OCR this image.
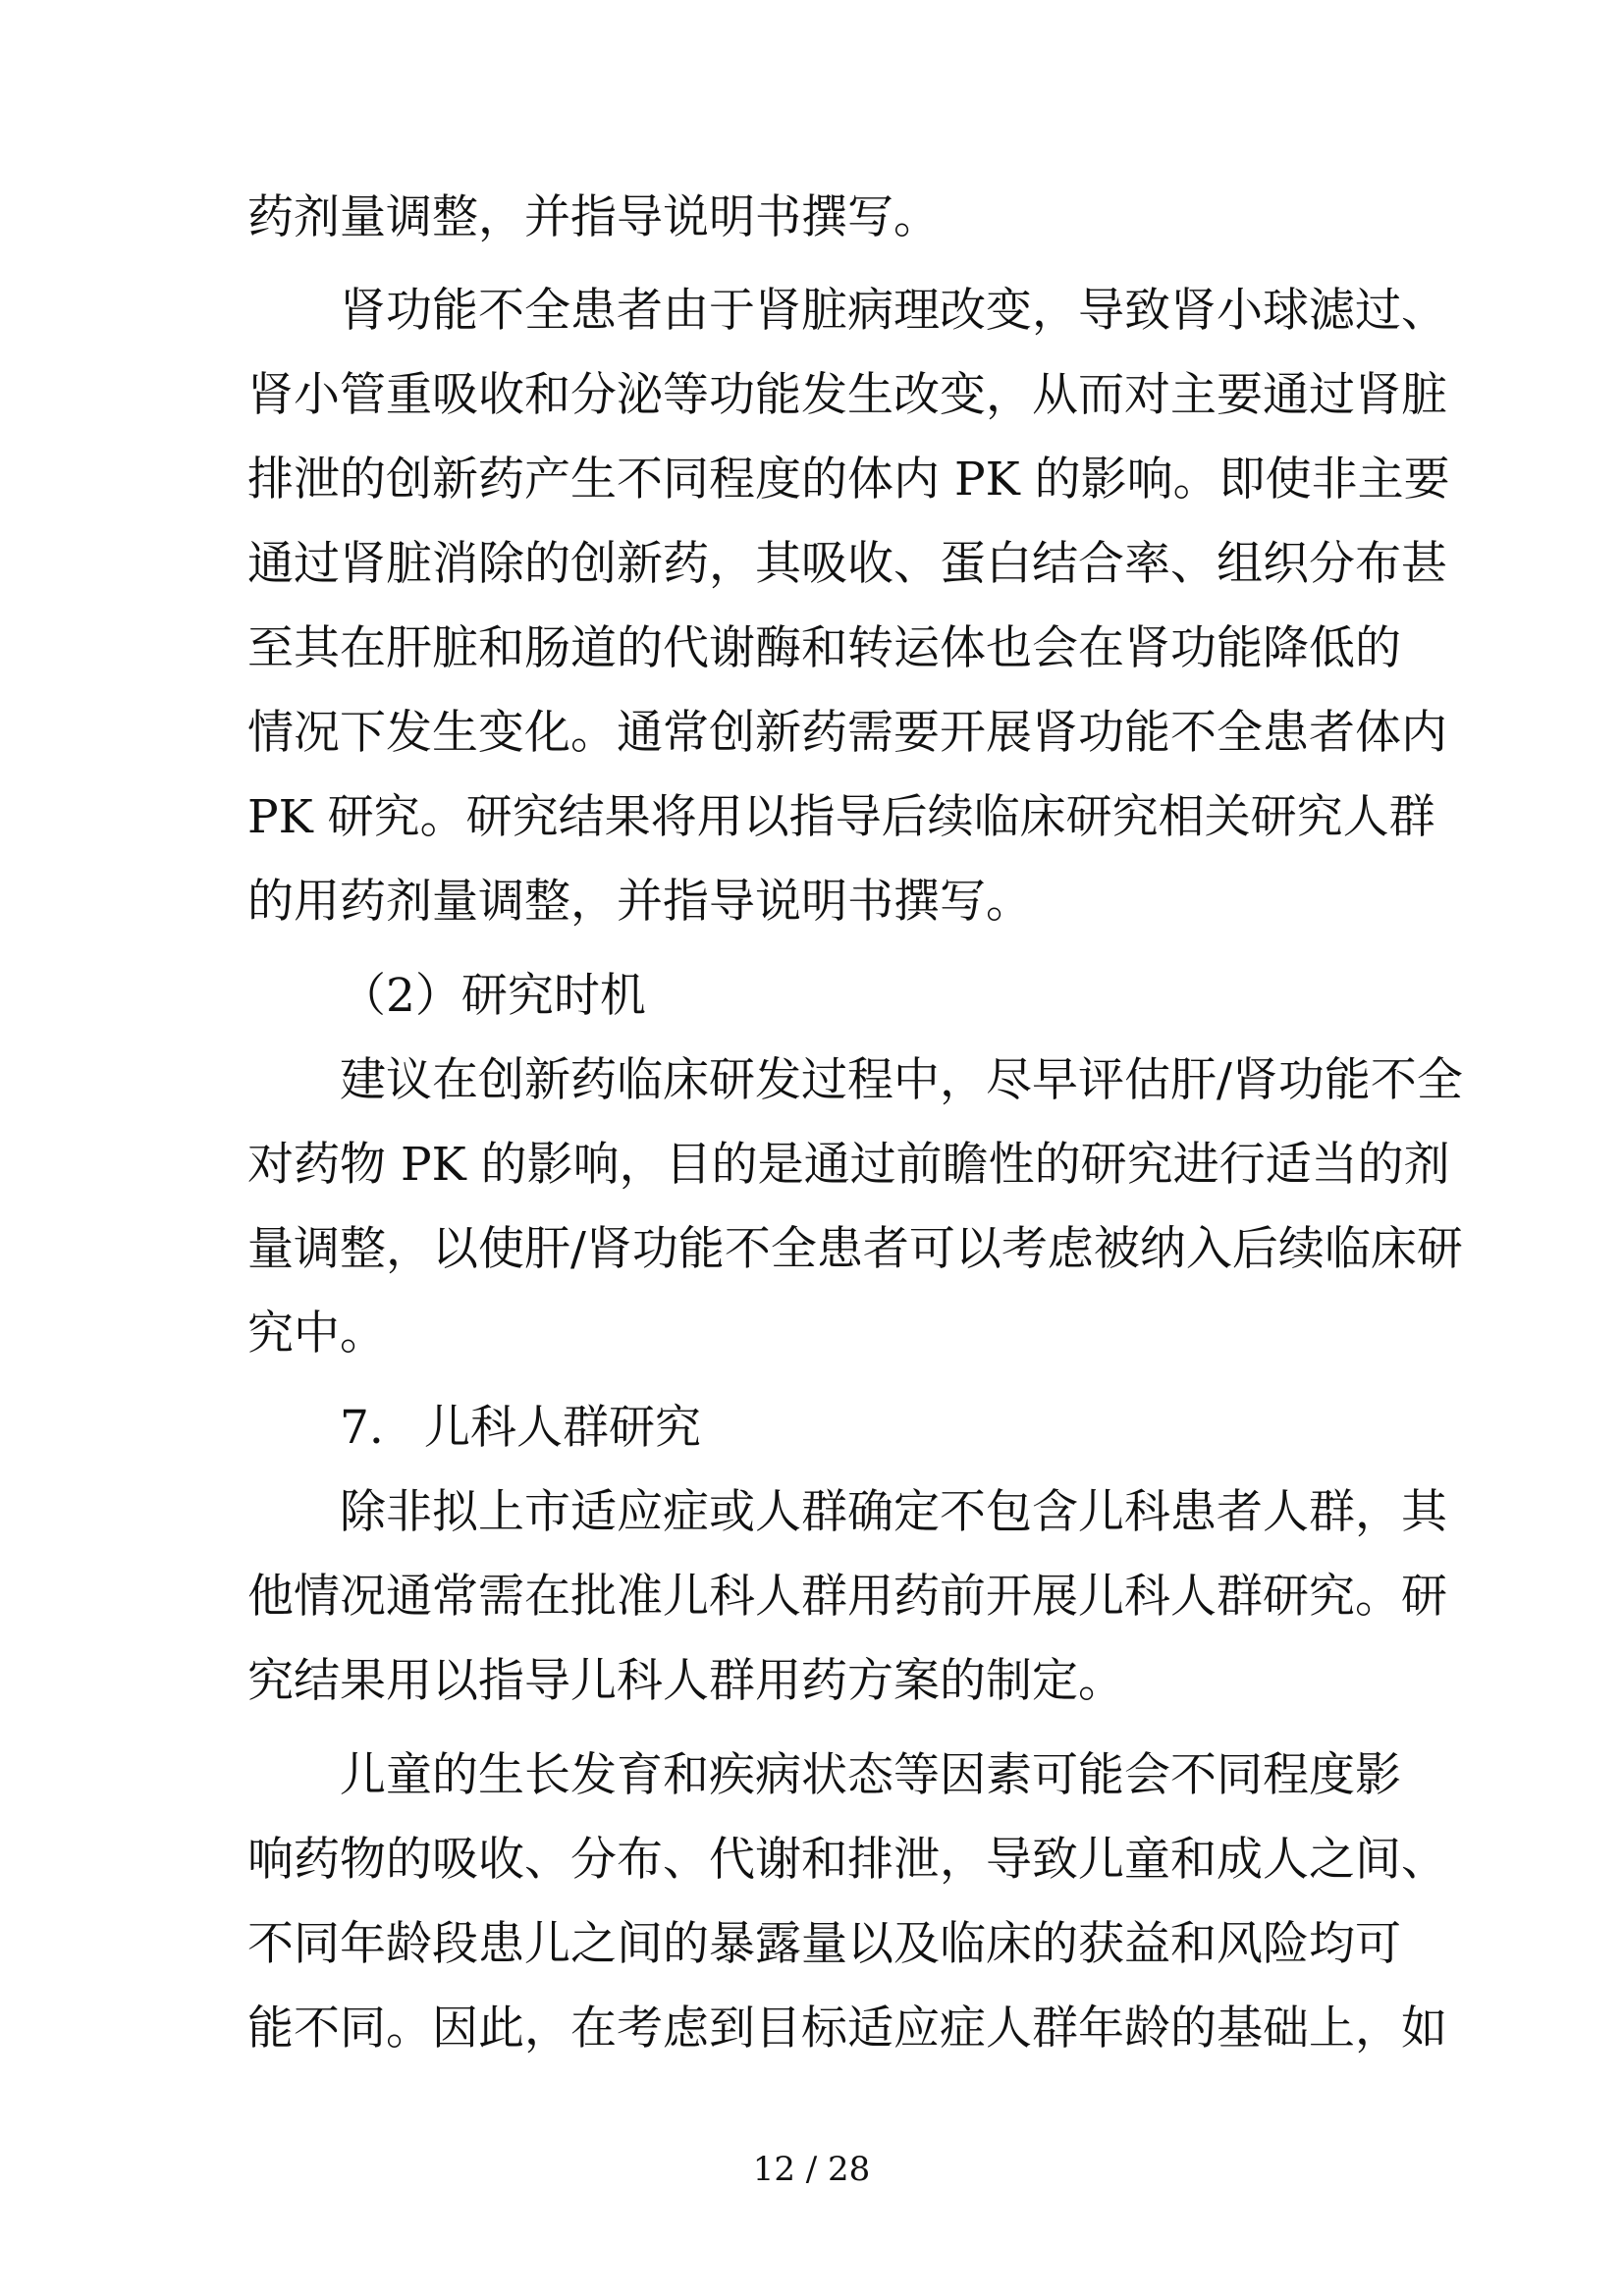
药剂量调整，并指导说明书撰写。
肾功能不全患者由于肾脏病理改变，导致肾小球滤过、
肾小管重吸收和分泌等功能发生改变，从而对主要通过肾脏
排泄的创新药产生不同程度的体内 PK 的影响。即使非主要
通过肾脏消除的创新药，其吸收、蛋白结合率、组织分布甚
至其在肝脏和肠道的代谢酶和转运体也会在肾功能降低的
情况下发生变化。通常创新药需要开展肾功能不全患者体内
PK 研究。研究结果将用以指导后续临床研究相关研究人群
的用药剂量调整，并指导说明书撰写。
（2）研究时机
建议在创新药临床研发过程中，尽早评估肝/肾功能不全
对药物 PK 的影响，目的是通过前瞻性的研究进行适当的剂
量调整，以使肝/肾功能不全患者可以考虑被纳入后续临床研
究中。
7. 儿科人群研究
除非拟上市适应症或人群确定不包含儿科患者人群，其
他情况通常需在批准儿科人群用药前开展儿科人群研究。研
究结果用以指导儿科人群用药方案的制定。
儿童的生长发育和疾病状态等因素可能会不同程度影
响药物的吸收、分布、代谢和排泄，导致儿童和成人之间、
不同年龄段患儿之间的暴露量以及临床的获益和风险均可
能不同。因此，在考虑到目标适应症人群年龄的基础上，如
12 / 28
